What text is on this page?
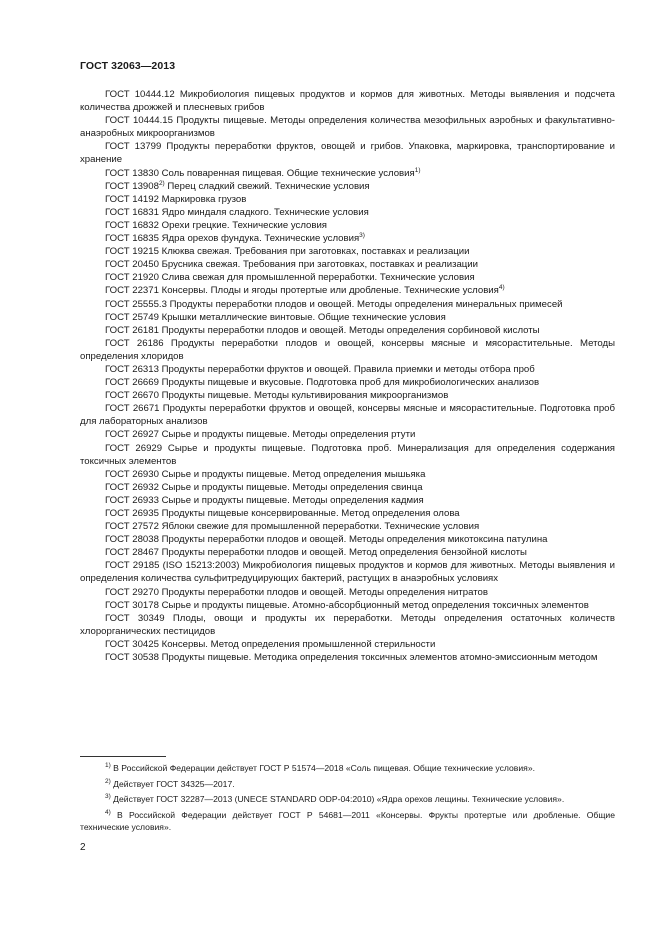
ГОСТ 32063—2013

ГОСТ 10444.12 Микробиология пищевых продуктов и кормов для животных. Методы выявления и подсчета количества дрожжей и плесневых грибов

ГОСТ 10444.15 Продукты пищевые. Методы определения количества мезофильных аэробных и факультативно-анаэробных микроорганизмов

ГОСТ 13799 Продукты переработки фруктов, овощей и грибов. Упаковка, маркировка, транспортирование и хранение

ГОСТ 13830 Соль поваренная пищевая. Общие технические условия$^{1)}$

ГОСТ 13908$^{2)}$ Перец сладкий свежий. Технические условия

ГОСТ 14192 Маркировка грузов

ГОСТ 16831 Ядро миндаля сладкого. Технические условия

ГОСТ 16832 Орехи грецкие. Технические условия

ГОСТ 16835 Ядра орехов фундука. Технические условия$^{3)}$

ГОСТ 19215 Клюква свежая. Требования при заготовках, поставках и реализации

ГОСТ 20450 Брусника свежая. Требования при заготовках, поставках и реализации

ГОСТ 21920 Слива свежая для промышленной переработки. Технические условия

ГОСТ 22371 Консервы. Плоды и ягоды протертые или дробленые. Технические условия$^{4)}$

ГОСТ 25555.3 Продукты переработки плодов и овощей. Методы определения минеральных примесей

ГОСТ 25749 Крышки металлические винтовые. Общие технические условия

ГОСТ 26181 Продукты переработки плодов и овощей. Методы определения сорбиновой кислоты

ГОСТ 26186 Продукты переработки плодов и овощей, консервы мясные и мясорастительные. Методы определения хлоридов

ГОСТ 26313 Продукты переработки фруктов и овощей. Правила приемки и методы отбора проб

ГОСТ 26669 Продукты пищевые и вкусовые. Подготовка проб для микробиологических анализов

ГОСТ 26670 Продукты пищевые. Методы культивирования микроорганизмов

ГОСТ 26671 Продукты переработки фруктов и овощей, консервы мясные и мясорастительные. Подготовка проб для лабораторных анализов

ГОСТ 26927 Сырье и продукты пищевые. Методы определения ртути

ГОСТ 26929 Сырье и продукты пищевые. Подготовка проб. Минерализация для определения содержания токсичных элементов

ГОСТ 26930 Сырье и продукты пищевые. Метод определения мышьяка

ГОСТ 26932 Сырье и продукты пищевые. Методы определения свинца

ГОСТ 26933 Сырье и продукты пищевые. Методы определения кадмия

ГОСТ 26935 Продукты пищевые консервированные. Метод определения олова

ГОСТ 27572 Яблоки свежие для промышленной переработки. Технические условия

ГОСТ 28038 Продукты переработки плодов и овощей. Методы определения микотоксина патулина

ГОСТ 28467 Продукты переработки плодов и овощей. Метод определения бензойной кислоты

ГОСТ 29185 (ISO 15213:2003) Микробиология пищевых продуктов и кормов для животных. Методы выявления и определения количества сульфитредуцирующих бактерий, растущих в анаэробных условиях

ГОСТ 29270 Продукты переработки плодов и овощей. Методы определения нитратов

ГОСТ 30178 Сырье и продукты пищевые. Атомно-абсорбционный метод определения токсичных элементов

ГОСТ 30349 Плоды, овощи и продукты их переработки. Методы определения остаточных количеств хлорорганических пестицидов

ГОСТ 30425 Консервы. Метод определения промышленной стерильности

ГОСТ 30538 Продукты пищевые. Методика определения токсичных элементов атомно-эмиссионным методом

$^{1)}$ В Российской Федерации действует ГОСТ Р 51574—2018 «Соль пищевая. Общие технические условия».

$^{2)}$ Действует ГОСТ 34325—2017.

$^{3)}$ Действует ГОСТ 32287—2013 (UNECE STANDARD ODP-04:2010) «Ядра орехов лещины. Технические условия».

$^{4)}$ В Российской Федерации действует ГОСТ Р 54681—2011 «Консервы. Фрукты протертые или дробленые. Общие технические условия».

2
